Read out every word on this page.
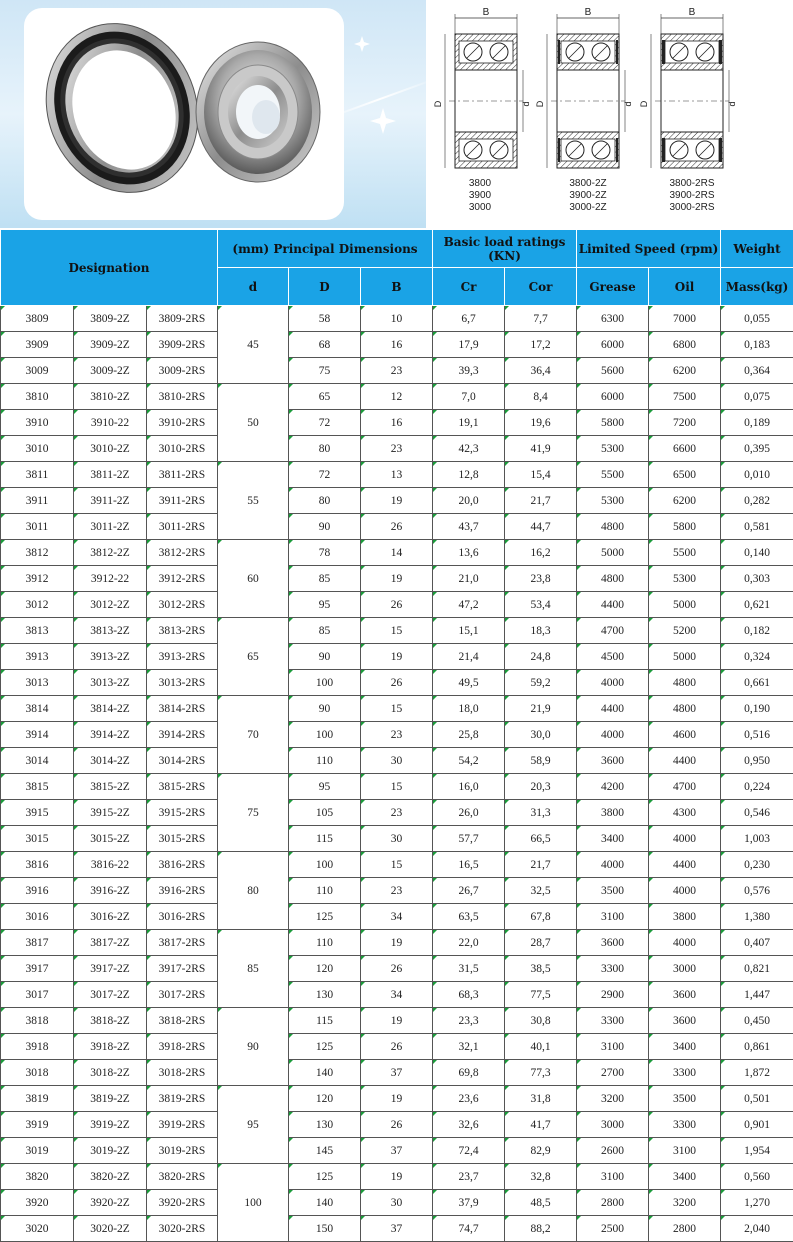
B
D	d
3800
3900
3000
B
D	d
3800-2Z
3900-2Z
3000-2Z
B
D	d
3800-2RS
3900-2RS
3000-2RS
Designation			(mm) Principal Dimensions			Basic load ratings (KN)		Limited Speed (rpm)		Weight
			d	D	B	Cr	Cor	Grease	Oil	Mass(kg)
3809	3809-2Z	3809-2RS	45	58	10	6,7	7,7	6300	7000	0,055
3909	3909-2Z	3909-2RS		68	16	17,9	17,2	6000	6800	0,183
3009	3009-2Z	3009-2RS		75	23	39,3	36,4	5600	6200	0,364
3810	3810-2Z	3810-2RS	50	65	12	7,0	8,4	6000	7500	0,075
3910	3910-22	3910-2RS		72	16	19,1	19,6	5800	7200	0,189
3010	3010-2Z	3010-2RS		80	23	42,3	41,9	5300	6600	0,395
3811	3811-2Z	3811-2RS	55	72	13	12,8	15,4	5500	6500	0,010
3911	3911-2Z	3911-2RS		80	19	20,0	21,7	5300	6200	0,282
3011	3011-2Z	3011-2RS		90	26	43,7	44,7	4800	5800	0,581
3812	3812-2Z	3812-2RS	60	78	14	13,6	16,2	5000	5500	0,140
3912	3912-22	3912-2RS		85	19	21,0	23,8	4800	5300	0,303
3012	3012-2Z	3012-2RS		95	26	47,2	53,4	4400	5000	0,621
3813	3813-2Z	3813-2RS	65	85	15	15,1	18,3	4700	5200	0,182
3913	3913-2Z	3913-2RS		90	19	21,4	24,8	4500	5000	0,324
3013	3013-2Z	3013-2RS		100	26	49,5	59,2	4000	4800	0,661
3814	3814-2Z	3814-2RS	70	90	15	18,0	21,9	4400	4800	0,190
3914	3914-2Z	3914-2RS		100	23	25,8	30,0	4000	4600	0,516
3014	3014-2Z	3014-2RS		110	30	54,2	58,9	3600	4400	0,950
3815	3815-2Z	3815-2RS	75	95	15	16,0	20,3	4200	4700	0,224
3915	3915-2Z	3915-2RS		105	23	26,0	31,3	3800	4300	0,546
3015	3015-2Z	3015-2RS		115	30	57,7	66,5	3400	4000	1,003
3816	3816-22	3816-2RS	80	100	15	16,5	21,7	4000	4400	0,230
3916	3916-2Z	3916-2RS		110	23	26,7	32,5	3500	4000	0,576
3016	3016-2Z	3016-2RS		125	34	63,5	67,8	3100	3800	1,380
3817	3817-2Z	3817-2RS	85	110	19	22,0	28,7	3600	4000	0,407
3917	3917-2Z	3917-2RS		120	26	31,5	38,5	3300	3000	0,821
3017	3017-2Z	3017-2RS		130	34	68,3	77,5	2900	3600	1,447
3818	3818-2Z	3818-2RS	90	115	19	23,3	30,8	3300	3600	0,450
3918	3918-2Z	3918-2RS		125	26	32,1	40,1	3100	3400	0,861
3018	3018-2Z	3018-2RS		140	37	69,8	77,3	2700	3300	1,872
3819	3819-2Z	3819-2RS	95	120	19	23,6	31,8	3200	3500	0,501
3919	3919-2Z	3919-2RS		130	26	32,6	41,7	3000	3300	0,901
3019	3019-2Z	3019-2RS		145	37	72,4	82,9	2600	3100	1,954
3820	3820-2Z	3820-2RS	100	125	19	23,7	32,8	3100	3400	0,560
3920	3920-2Z	3920-2RS		140	30	37,9	48,5	2800	3200	1,270
3020	3020-2Z	3020-2RS		150	37	74,7	88,2	2500	2800	2,040
